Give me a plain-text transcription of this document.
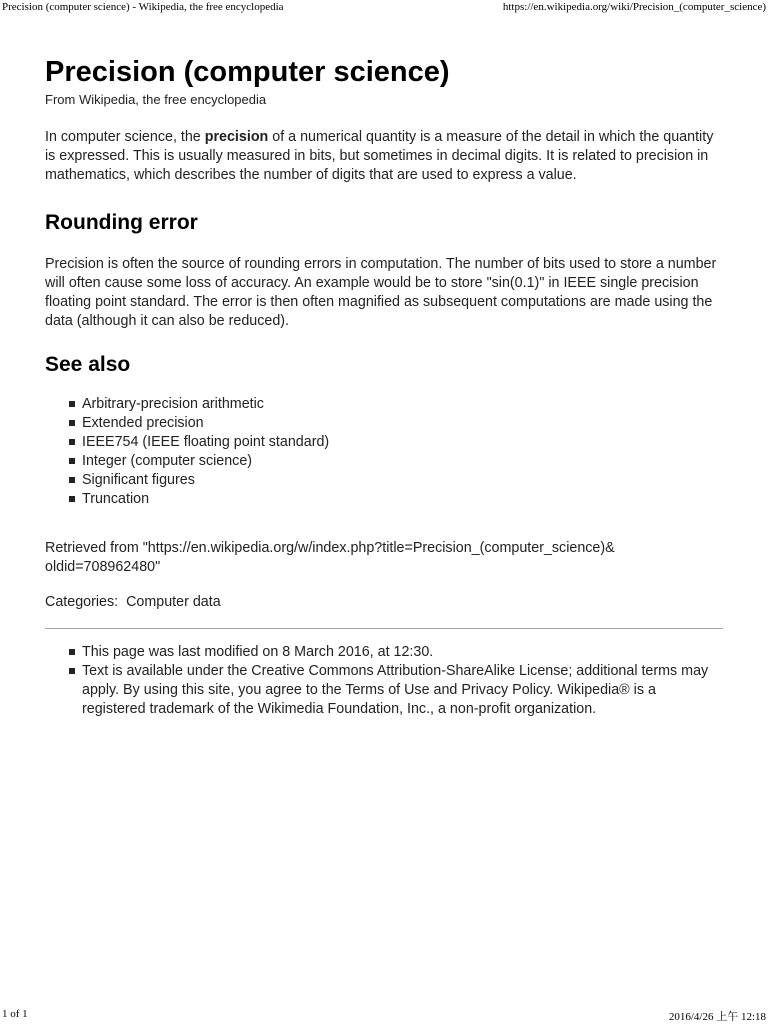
Precision (computer science) - Wikipedia, the free encyclopedia	https://en.wikipedia.org/wiki/Precision_(computer_science)
Precision (computer science)
From Wikipedia, the free encyclopedia

In computer science, the precision of a numerical quantity is a measure of the detail in which the quantity is expressed. This is usually measured in bits, but sometimes in decimal digits. It is related to precision in mathematics, which describes the number of digits that are used to express a value.

Rounding error

Precision is often the source of rounding errors in computation. The number of bits used to store a number will often cause some loss of accuracy. An example would be to store "sin(0.1)" in IEEE single precision floating point standard. The error is then often magnified as subsequent computations are made using the data (although it can also be reduced).

See also
Arbitrary-precision arithmetic
Extended precision
IEEE754 (IEEE floating point standard)
Integer (computer science)
Significant figures
Truncation

Retrieved from "https://en.wikipedia.org/w/index.php?title=Precision_(computer_science)&
oldid=708962480"

Categories: Computer data

This page was last modified on 8 March 2016, at 12:30.
Text is available under the Creative Commons Attribution-ShareAlike License; additional terms may apply. By using this site, you agree to the Terms of Use and Privacy Policy. Wikipedia® is a registered trademark of the Wikimedia Foundation, Inc., a non-profit organization.
1 of 1	2016/4/26 上午 12:18
